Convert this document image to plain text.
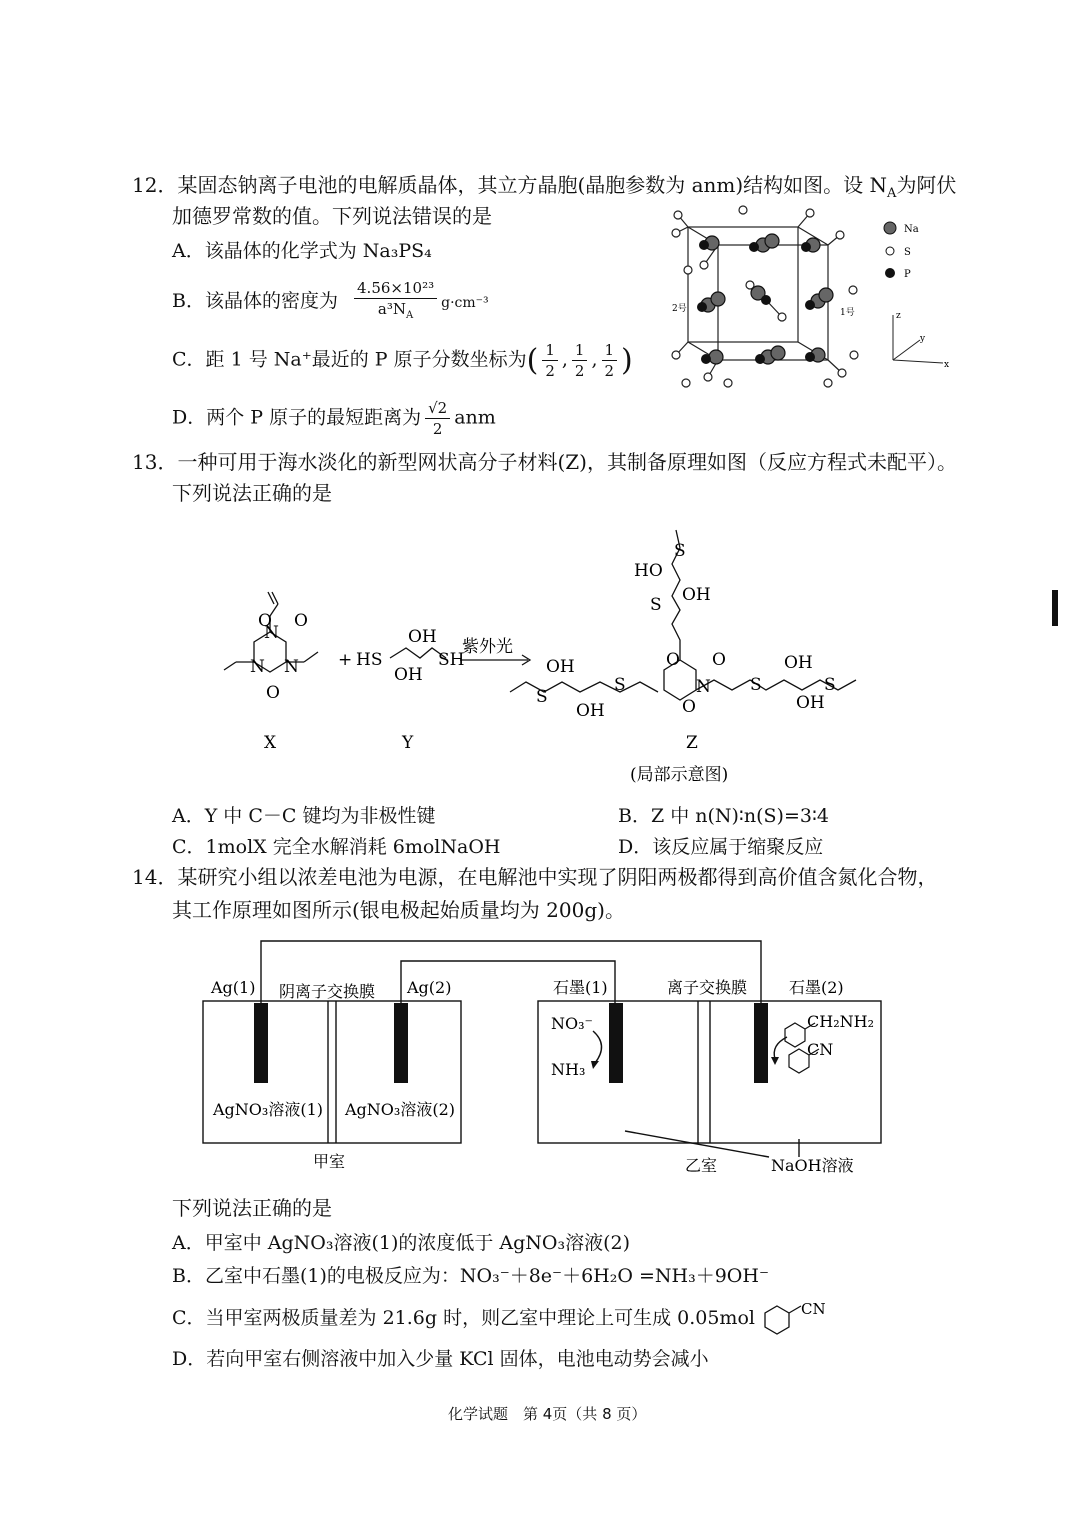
12．某固态钠离子电池的电解质晶体，其立方晶胞(晶胞参数为 anm)结构如图。设 $N_A$为阿伏
加德罗常数的值。下列说法错误的是
A．该晶体的化学式为 Na₃PS₄
B．该晶体的密度为 $\frac{\text{4.56×10²³}}{a^3N_A} g\cdot cm^{-3}$
C．距 1 号 Na⁺最近的 P 原子分数坐标为( $\frac{1}{2}$ , $\frac{1}{2}$ , $\frac{1}{2}$ )
D．两个 P 原子的最短距离为 $\frac{√2}{2}$ anm
2号	1号
Na
S
P
z
x
y
13．一种可用于海水淡化的新型网状高分子材料(Z)，其制备原理如图（反应方程式未配平）。
下列说法正确的是
O O
N
N N
O
+ HS
OH
OH
SH
紫外光
OH
OH
S
S
O O
N
O
S
OH
OH
S
S OH
HO
S
X	Y	Z
(局部示意图)
A．Y 中 C－C 键均为非极性键	B．Z 中 n(N)∶n(S)=3∶4
C．1molX 完全水解消耗 6molNaOH	D．该反应属于缩聚反应
14．某研究小组以浓差电池为电源，在电解池中实现了阴阳两极都得到高价值含氮化合物，
其工作原理如图所示(银电极起始质量均为 200g)。
Ag(1) 阴离子交换膜 Ag(2)	石墨(1)	离子交换膜	石墨(2)
AgNO₃溶液(1) AgNO₃溶液(2)
甲室	乙室	NaOH溶液
NO₃⁻
NH₃
CH₂NH₂
CN
下列说法正确的是
A．甲室中 AgNO₃溶液(1)的浓度低于 AgNO₃溶液(2)
B．乙室中石墨(1)的电极反应为：NO₃⁻＋8e⁻＋6H₂O =NH₃＋9OH⁻
C．当甲室两极质量差为 21.6g 时，则乙室中理论上可生成 0.05mol	CN
D．若向甲室右侧溶液中加入少量 KCl 固体，电池电动势会减小
化学试题　第 4页（共 8 页）
